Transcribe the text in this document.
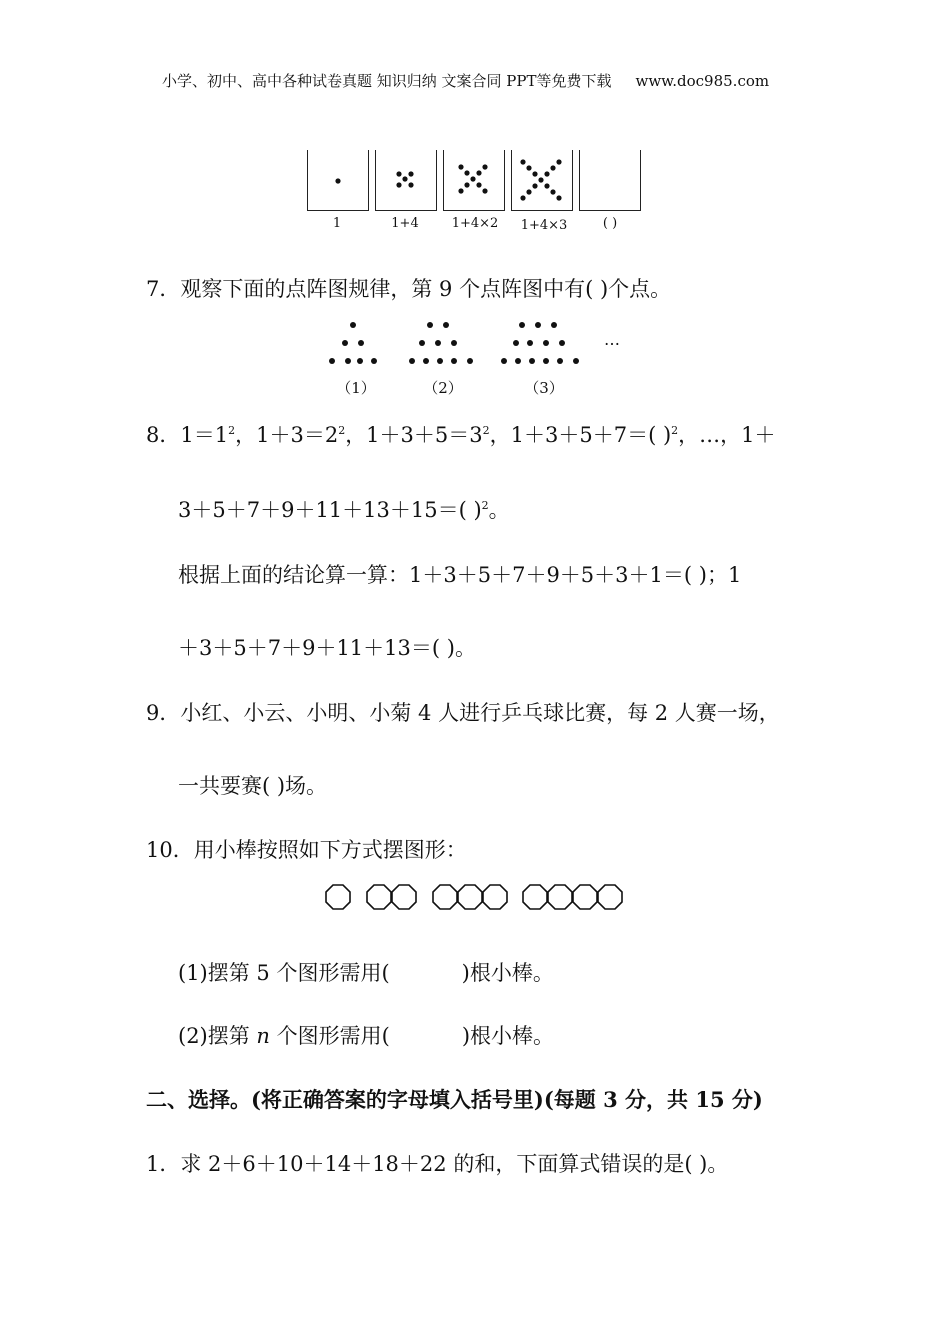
小学、初中、高中各种试卷真题 知识归纳 文案合同 PPT等免费下载 www.doc985.com
1	1+4	1+4×2	1+4×3	( )
7．观察下面的点阵图规律，第 9 个点阵图中有( )个点。
…
（1）	（2）	（3）
8．$1=1^2$，$1+3=2^2$，$1+3+5=3^2$，1＋3＋5＋7＝( )$^2$，…，1＋
3＋5＋7＋9＋11＋13＋15＝( )$^2$。
根据上面的结论算一算：1＋3＋5＋7＋9＋5＋3＋1＝( )；1
＋3＋5＋7＋9＋11＋13＝( )。
9．小红、小云、小明、小菊 4 人进行乒乓球比赛，每 2 人赛一场，
一共要赛( )场。
10．用小棒按照如下方式摆图形：
(1)摆第 5 个图形需用(	)根小棒。
(2)摆第 n 个图形需用(	)根小棒。
二、选择。(将正确答案的字母填入括号里)(每题 3 分，共 15 分)
1．求 2＋6＋10＋14＋18＋22 的和，下面算式错误的是( )。
